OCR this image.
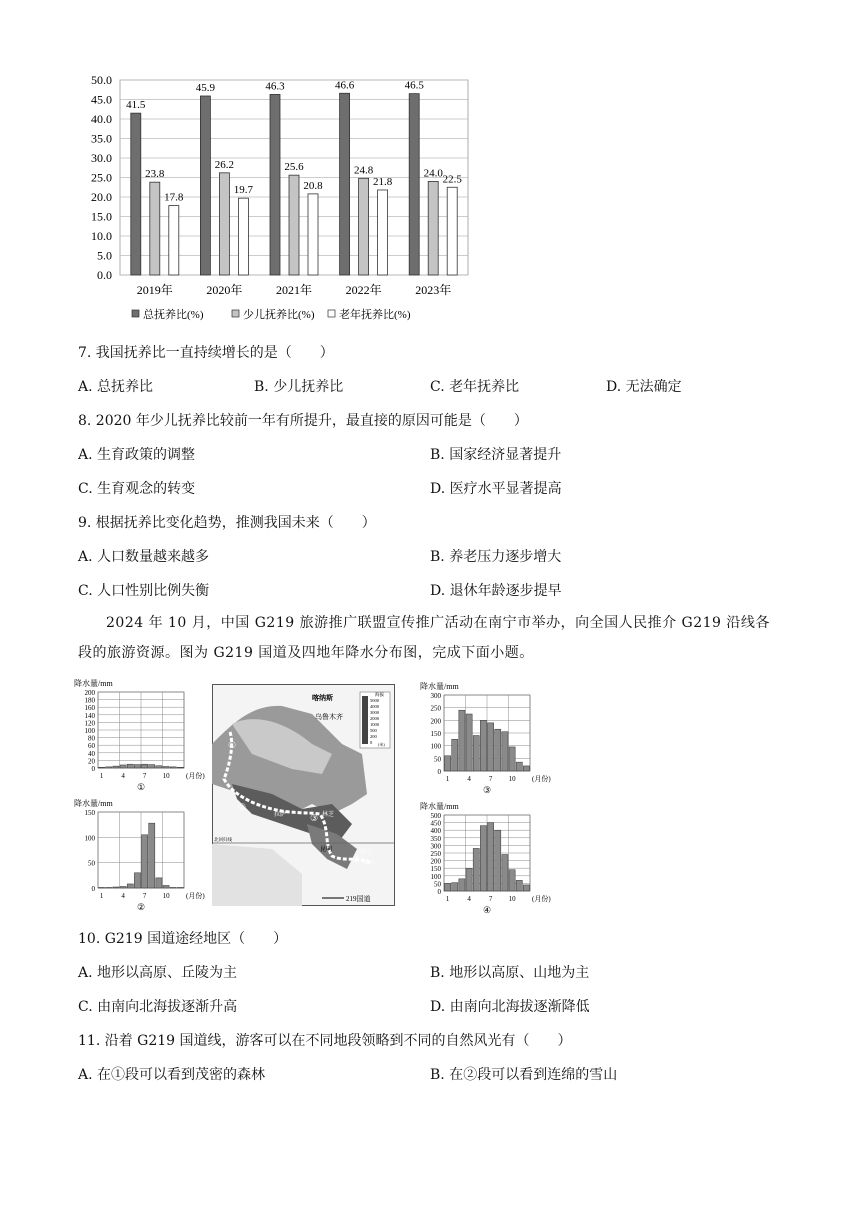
0.0
5.0
10.0
15.0
20.0
25.0
30.0
35.0
40.0
45.0
50.0
41.5
23.8
17.8
2019年
45.9
26.2
19.7
2020年
46.3
25.6
20.8
2021年
46.6
24.8
21.8
2022年
46.5
24.0 22.5
2023年
总抚养比(%)	少儿抚养比(%) 老年抚养比(%)
7. 我国抚养比一直持续增长的是（　　）
A. 总抚养比	B. 少儿抚养比	C. 老年抚养比	D. 无法确定
8. 2020 年少儿抚养比较前一年有所提升，最直接的原因可能是（　　）
A. 生育政策的调整	B. 国家经济显著提升
C. 生育观念的转变	D. 医疗水平显著提高
9. 根据抚养比变化趋势，推测我国未来（　　）
A. 人口数量越来越多	B. 养老压力逐步增大
C. 人口性别比例失衡	D. 退休年龄逐步提早
2024 年 10 月，中国 G219 旅游推广联盟宣传推广活动在南宁市举办，向全国人民推介 G219 沿线各段的旅游资源。图为 G219 国道及四地年降水分布图，完成下面小题。
降水量/mm
0
20
40
60
80
100
120
140
160
180
200
1	4	7 10 (月份)
①
降水量/mm
0
50
100
150
1	4	7 10 (月份)
②
降水量/mm
0
50
100
150
200
250
300
1	4	7 10 (月份)
③
降水量/mm
0
50
100
150
200
250
300
350
400
450
500
1	4	7 10 (月份)
④
海拔
5000
4000
3000
2000
1000
500
200
0 (米)
喀纳斯
乌鲁木齐
拉萨	林芝
昆明	南宁
东兴
①
②
③
④
北回归线
219国道
10. G219 国道途经地区（　　）
A. 地形以高原、丘陵为主	B. 地形以高原、山地为主
C. 由南向北海拔逐渐升高	D. 由南向北海拔逐渐降低
11. 沿着 G219 国道线，游客可以在不同地段领略到不同的自然风光有（　　）
A. 在①段可以看到茂密的森林	B. 在②段可以看到连绵的雪山
